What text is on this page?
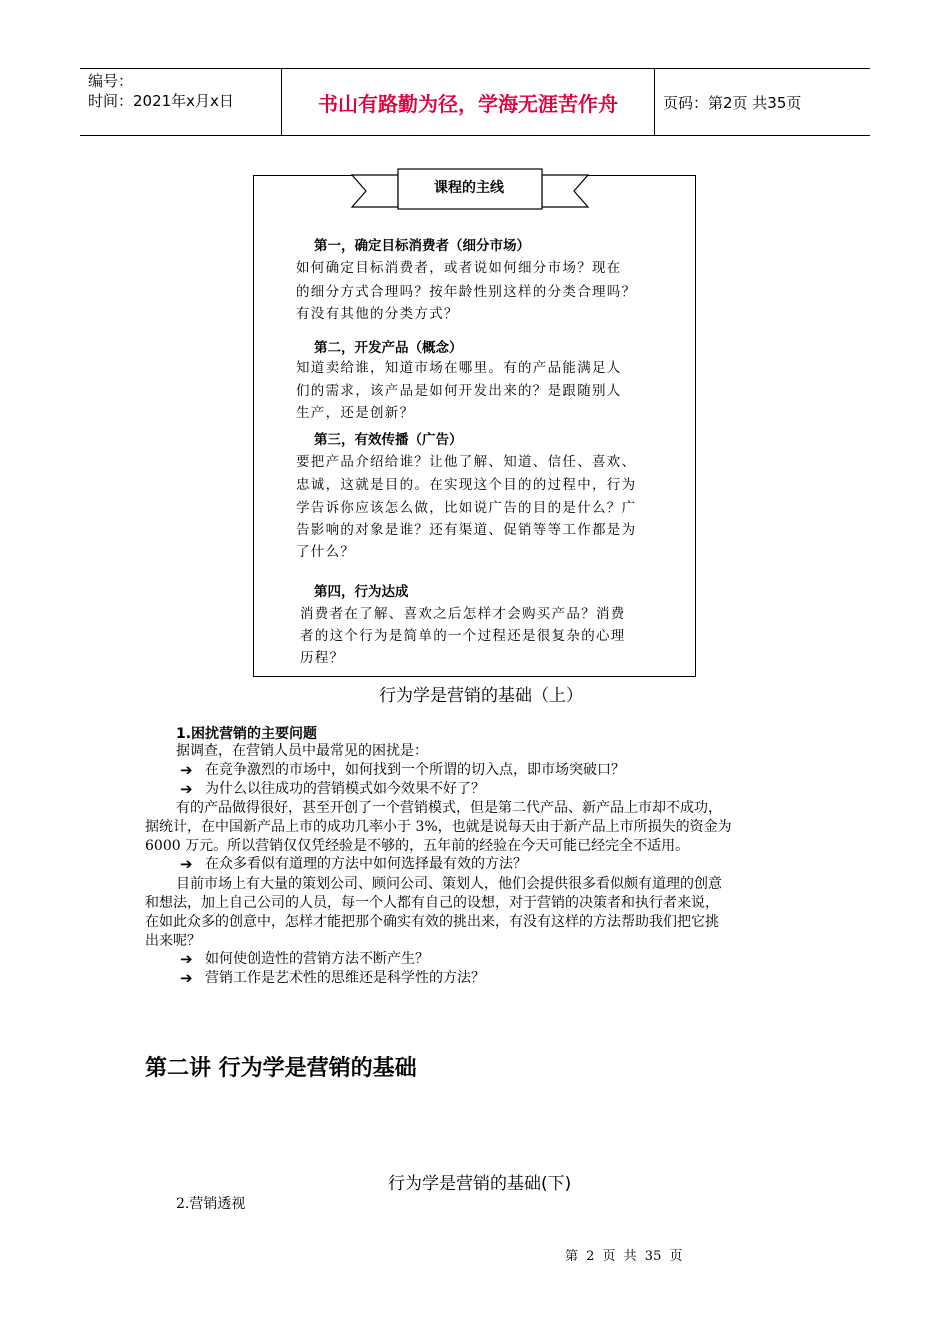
编号：
时间：2021年x月x日	书山有路勤为径，学海无涯苦作舟	页码：第2页 共35页
课程的主线
第一，确定目标消费者（细分市场）
如何确定目标消费者，或者说如何细分市场？现在
的细分方式合理吗？按年龄性别这样的分类合理吗？
有没有其他的分类方式？
第二，开发产品（概念）
知道卖给谁，知道市场在哪里。有的产品能满足人
们的需求，该产品是如何开发出来的？是跟随别人
生产，还是创新？
第三，有效传播（广告）
要把产品介绍给谁？让他了解、知道、信任、喜欢、
忠诚，这就是目的。在实现这个目的的过程中，行为
学告诉你应该怎么做，比如说广告的目的是什么？广
告影响的对象是谁？还有渠道、促销等等工作都是为
了什么？
第四，行为达成
消费者在了解、喜欢之后怎样才会购买产品？消费
者的这个行为是简单的一个过程还是很复杂的心理
历程？
行为学是营销的基础（上）
1.困扰营销的主要问题
据调查，在营销人员中最常见的困扰是：
➔ 在竞争激烈的市场中，如何找到一个所谓的切入点，即市场突破口？
➔ 为什么以往成功的营销模式如今效果不好了？
有的产品做得很好，甚至开创了一个营销模式，但是第二代产品、新产品上市却不成功，
据统计，在中国新产品上市的成功几率小于 3%，也就是说每天由于新产品上市所损失的资金为
6000 万元。所以营销仅仅凭经验是不够的，五年前的经验在今天可能已经完全不适用。
➔ 在众多看似有道理的方法中如何选择最有效的方法？
目前市场上有大量的策划公司、顾问公司、策划人，他们会提供很多看似颇有道理的创意
和想法，加上自己公司的人员，每一个人都有自己的设想，对于营销的决策者和执行者来说，
在如此众多的创意中，怎样才能把那个确实有效的挑出来，有没有这样的方法帮助我们把它挑
出来呢？
➔ 如何使创造性的营销方法不断产生？
➔ 营销工作是艺术性的思维还是科学性的方法？
第二讲 行为学是营销的基础
行为学是营销的基础(下)
2.营销透视
第 2 页 共 35 页
